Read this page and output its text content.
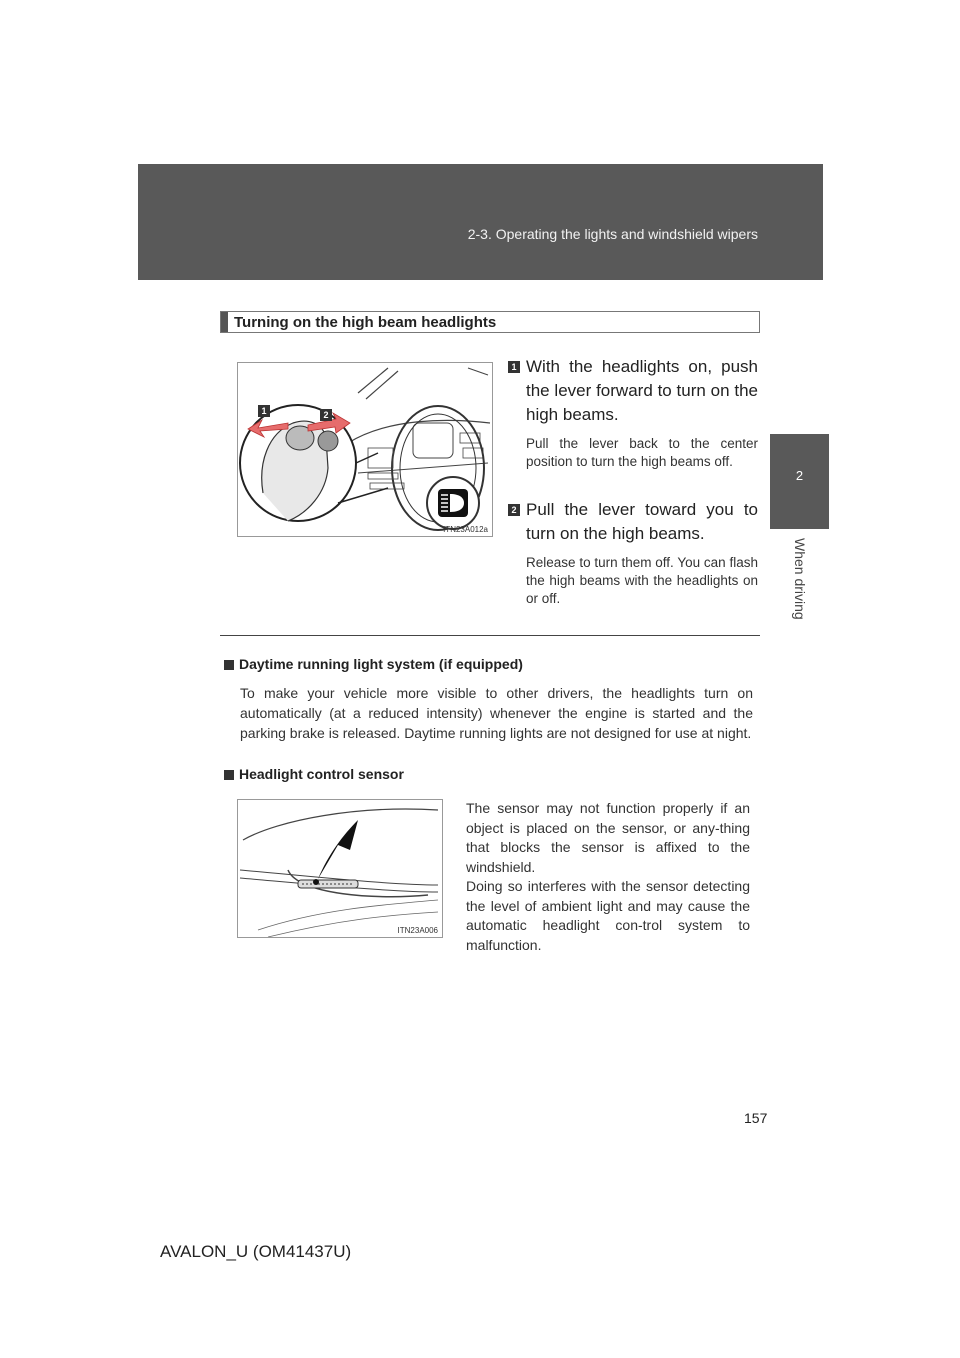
2-3. Operating the lights and windshield wipers
2
When driving
Turning on the high beam headlights
1	2
ITN23A012a
1 With the headlights on, push the lever forward to turn on the high beams.
Pull the lever back to the center position to turn the high beams off.
2 Pull the lever toward you to turn on the high beams.
Release to turn them off. You can flash the high beams with the headlights on or off.
Daytime running light system (if equipped)
To make your vehicle more visible to other drivers, the headlights turn on automatically (at a reduced intensity) whenever the engine is started and the parking brake is released. Daytime running lights are not designed for use at night.
Headlight control sensor
ITN23A006
The sensor may not function properly if an object is placed on the sensor, or any-thing that blocks the sensor is affixed to the windshield.
Doing so interferes with the sensor detecting the level of ambient light and may cause the automatic headlight con-trol system to malfunction.
157
AVALON_U (OM41437U)
